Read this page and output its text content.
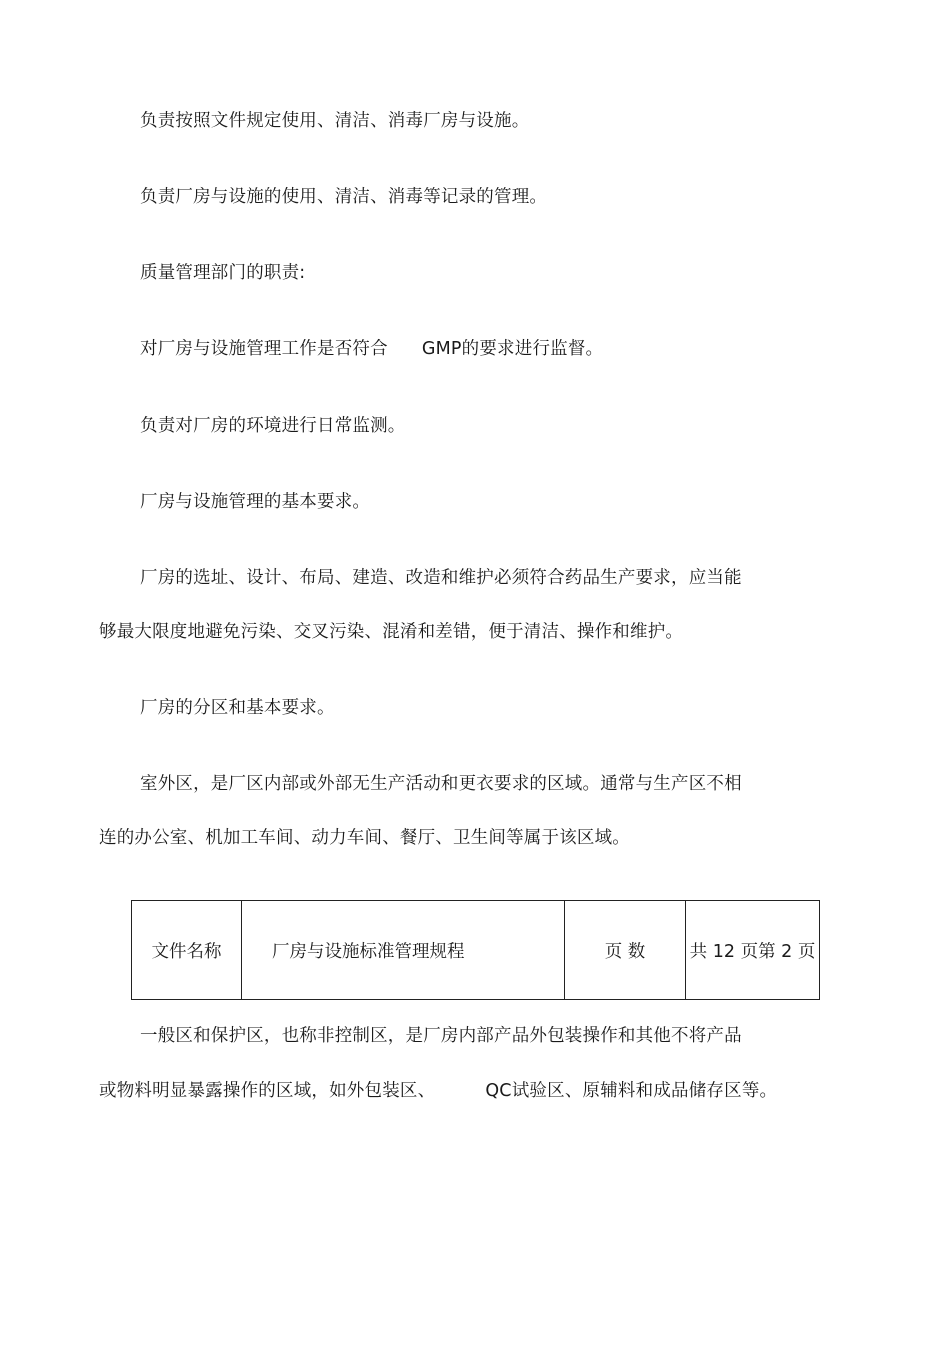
负责按照文件规定使用、清洁、消毒厂房与设施。
负责厂房与设施的使用、清洁、消毒等记录的管理。
质量管理部门的职责:
对厂房与设施管理工作是否符合 GMP的要求进行监督。
负责对厂房的环境进行日常监测。
厂房与设施管理的基本要求。
厂房的选址、设计、布局、建造、改造和维护必须符合药品生产要求，应当能
够最大限度地避免污染、交叉污染、混淆和差错，便于清洁、操作和维护。
厂房的分区和基本要求。
室外区，是厂区内部或外部无生产活动和更衣要求的区域。通常与生产区不相
连的办公室、机加工车间、动力车间、餐厅、卫生间等属于该区域。
文件名称	厂房与设施标准管理规程	页 数	共 12 页第 2 页
一般区和保护区，也称非控制区，是厂房内部产品外包装操作和其他不将产品
或物料明显暴露操作的区域，如外包装区、	QC试验区、原辅料和成品储存区等。
